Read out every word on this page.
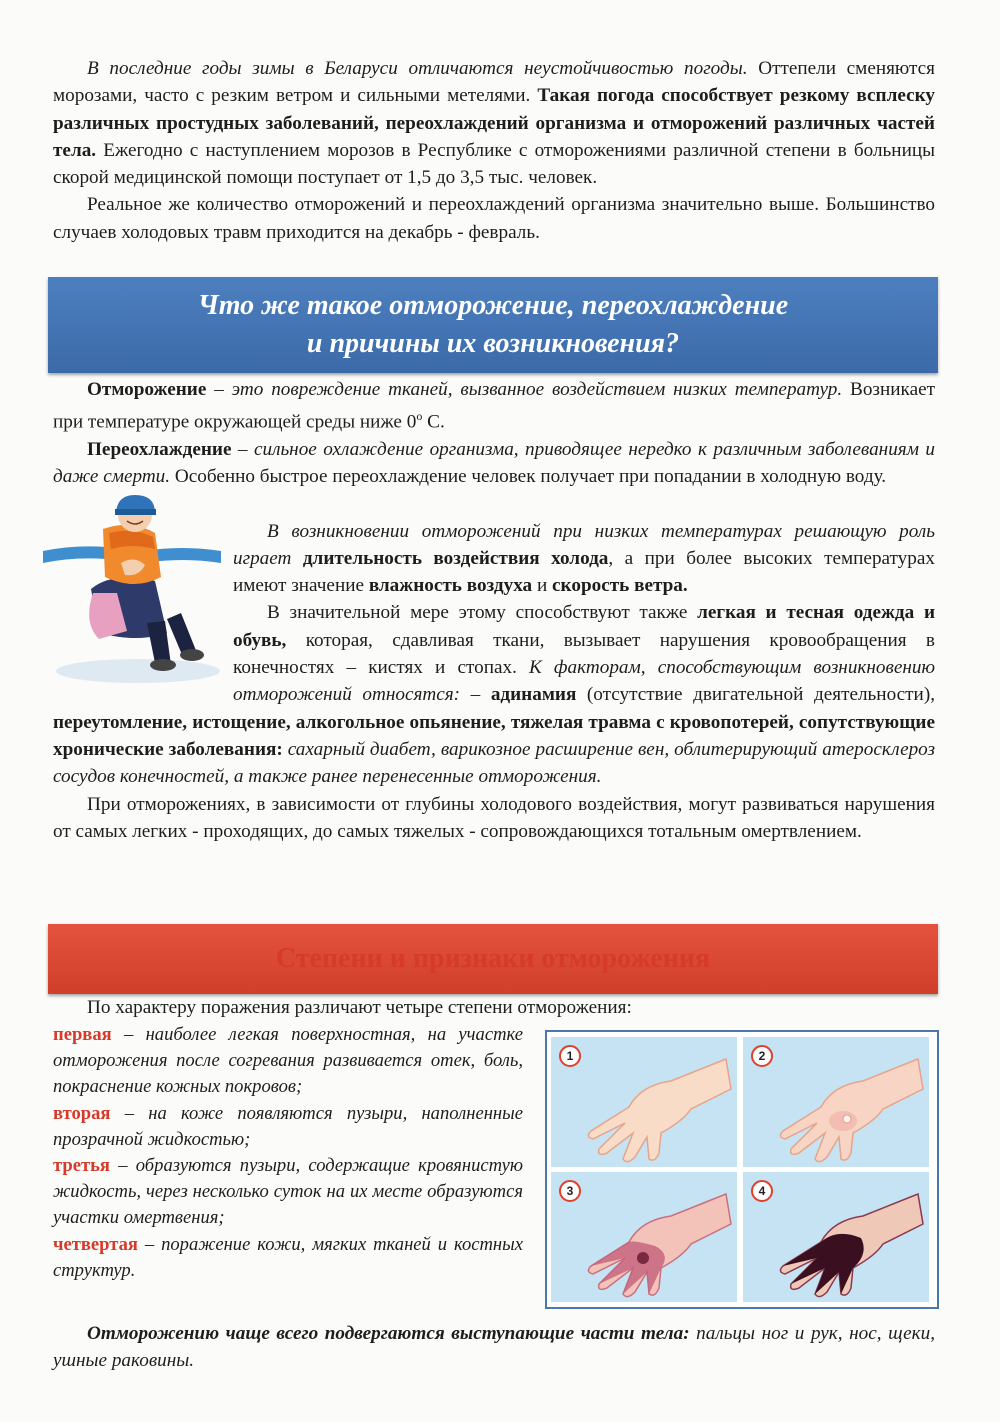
В последние годы зимы в Беларуси отличаются неустойчивостью погоды. Оттепели сменяются морозами, часто с резким ветром и сильными метелями. Такая погода способствует резкому всплеску различных простудных заболеваний, переохлаждений организма и отморожений различных частей тела. Ежегодно с наступлением морозов в Республике с отморожениями различной степени в больницы скорой медицинской помощи поступает от 1,5 до 3,5 тыс. человек.

Реальное же количество отморожений и переохлаждений организма значительно выше. Большинство случаев холодовых травм приходится на декабрь - февраль.

Что же такое отморожение, переохлаждение
и причины их возникновения?

Отморожение – это повреждение тканей, вызванное воздействием низких температур. Возникает при температуре окружающей среды ниже 0$^o$ С.

Переохлаждение – сильное охлаждение организма, приводящее нередко к различным заболеваниям и даже смерти. Особенно быстрое переохлаждение человек получает при попадании в холодную воду.

В возникновении отморожений при низких температурах решающую роль играет длительность воздействия холода, а при более высоких температурах имеют значение влажность воздуха и скорость ветра.

В значительной мере этому способствуют также легкая и тесная одежда и обувь, которая, сдавливая ткани, вызывает нарушения кровообращения в конечностях – кистях и стопах. К факторам, способствующим возникновению отморожений относятся: – адинамия (отсутствие двигательной деятельности), переутомление, истощение, алкогольное опьянение, тяжелая травма с кровопотерей, сопутствующие хронические заболевания: сахарный диабет, варикозное расширение вен, облитерирующий атеросклероз сосудов конечностей, а также ранее перенесенные отморожения.

При отморожениях, в зависимости от глубины холодового воздействия, могут развиваться нарушения от самых легких - проходящих, до самых тяжелых - сопровождающихся тотальным омертвлением.

Степени и признаки отморожения

По характеру поражения различают четыре степени отморожения:

первая – наиболее легкая поверхностная, на участке отморожения после согревания развивается отек, боль, покраснение кожных покровов;

вторая – на коже появляются пузыри, наполненные прозрачной жидкостью;

третья – образуются пузыри, содержащие кровянистую жидкость, через несколько суток на их месте образуются участки омертвения;

четвертая – поражение кожи, мягких тканей и костных структур.

1	2
3	4

Отморожению чаще всего подвергаются выступающие части тела: пальцы ног и рук, нос, щеки, ушные раковины.
